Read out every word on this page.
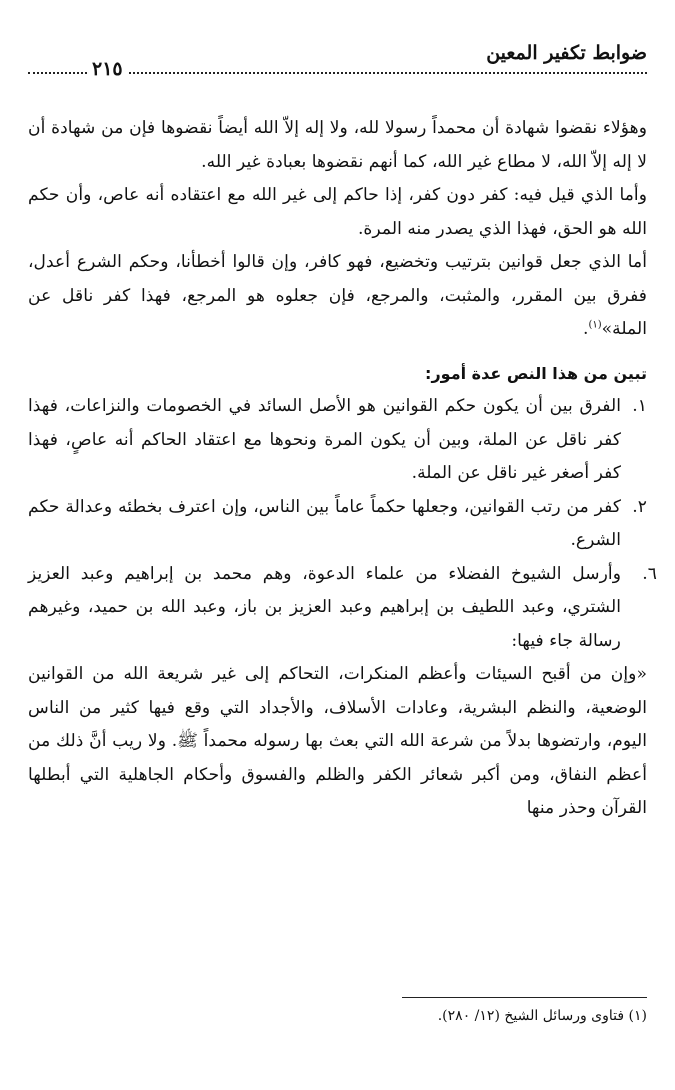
ضوابط تكفير المعين
٢١٥

وهؤلاء نقضوا شهادة أن محمداً رسولا لله، ولا إله إلاّ الله أيضاً نقضوها فإن من شهادة أن لا إله إلاّ الله، لا مطاع غير الله، كما أنهم نقضوها بعبادة غير الله.

وأما الذي قيل فيه: كفر دون كفر، إذا حاكم إلى غير الله مع اعتقاده أنه عاص، وأن حكم الله هو الحق، فهذا الذي يصدر منه المرة.

أما الذي جعل قوانين بترتيب وتخضيع، فهو كافر، وإن قالوا أخطأنا، وحكم الشرع أعدل، ففرق بين المقرر، والمثبت، والمرجع، فإن جعلوه هو المرجع، فهذا كفر ناقل عن الملة»$^{(١)}$.

تبين من هذا النص عدة أمور:

١.
الفرق بين أن يكون حكم القوانين هو الأصل السائد في الخصومات والنزاعات، فهذا كفر ناقل عن الملة، وبين أن يكون المرة ونحوها مع اعتقاد الحاكم أنه عاصٍ، فهذا كفر أصغر غير ناقل عن الملة.
٢.
كفر من رتب القوانين، وجعلها حكماً عاماً بين الناس، وإن اعترف بخطئه وعدالة حكم الشرع.
٦.
وأرسل الشيوخ الفضلاء من علماء الدعوة، وهم محمد بن إبراهيم وعبد العزيز الشتري، وعبد اللطيف بن إبراهيم وعبد العزيز بن باز، وعبد الله بن حميد، وغيرهم رسالة جاء فيها:

«وإن من أقبح السيئات وأعظم المنكرات، التحاكم إلى غير شريعة الله من القوانين الوضعية، والنظم البشرية، وعادات الأسلاف، والأجداد التي وقع فيها كثير من الناس اليوم، وارتضوها بدلاً من شرعة الله التي بعث بها رسوله محمداً ﷺ. ولا ريب أنَّ ذلك من أعظم النفاق، ومن أكبر شعائر الكفر والظلم والفسوق وأحكام الجاهلية التي أبطلها القرآن وحذر منها

(١) فتاوى ورسائل الشيخ (١٢/ ٢٨٠).
